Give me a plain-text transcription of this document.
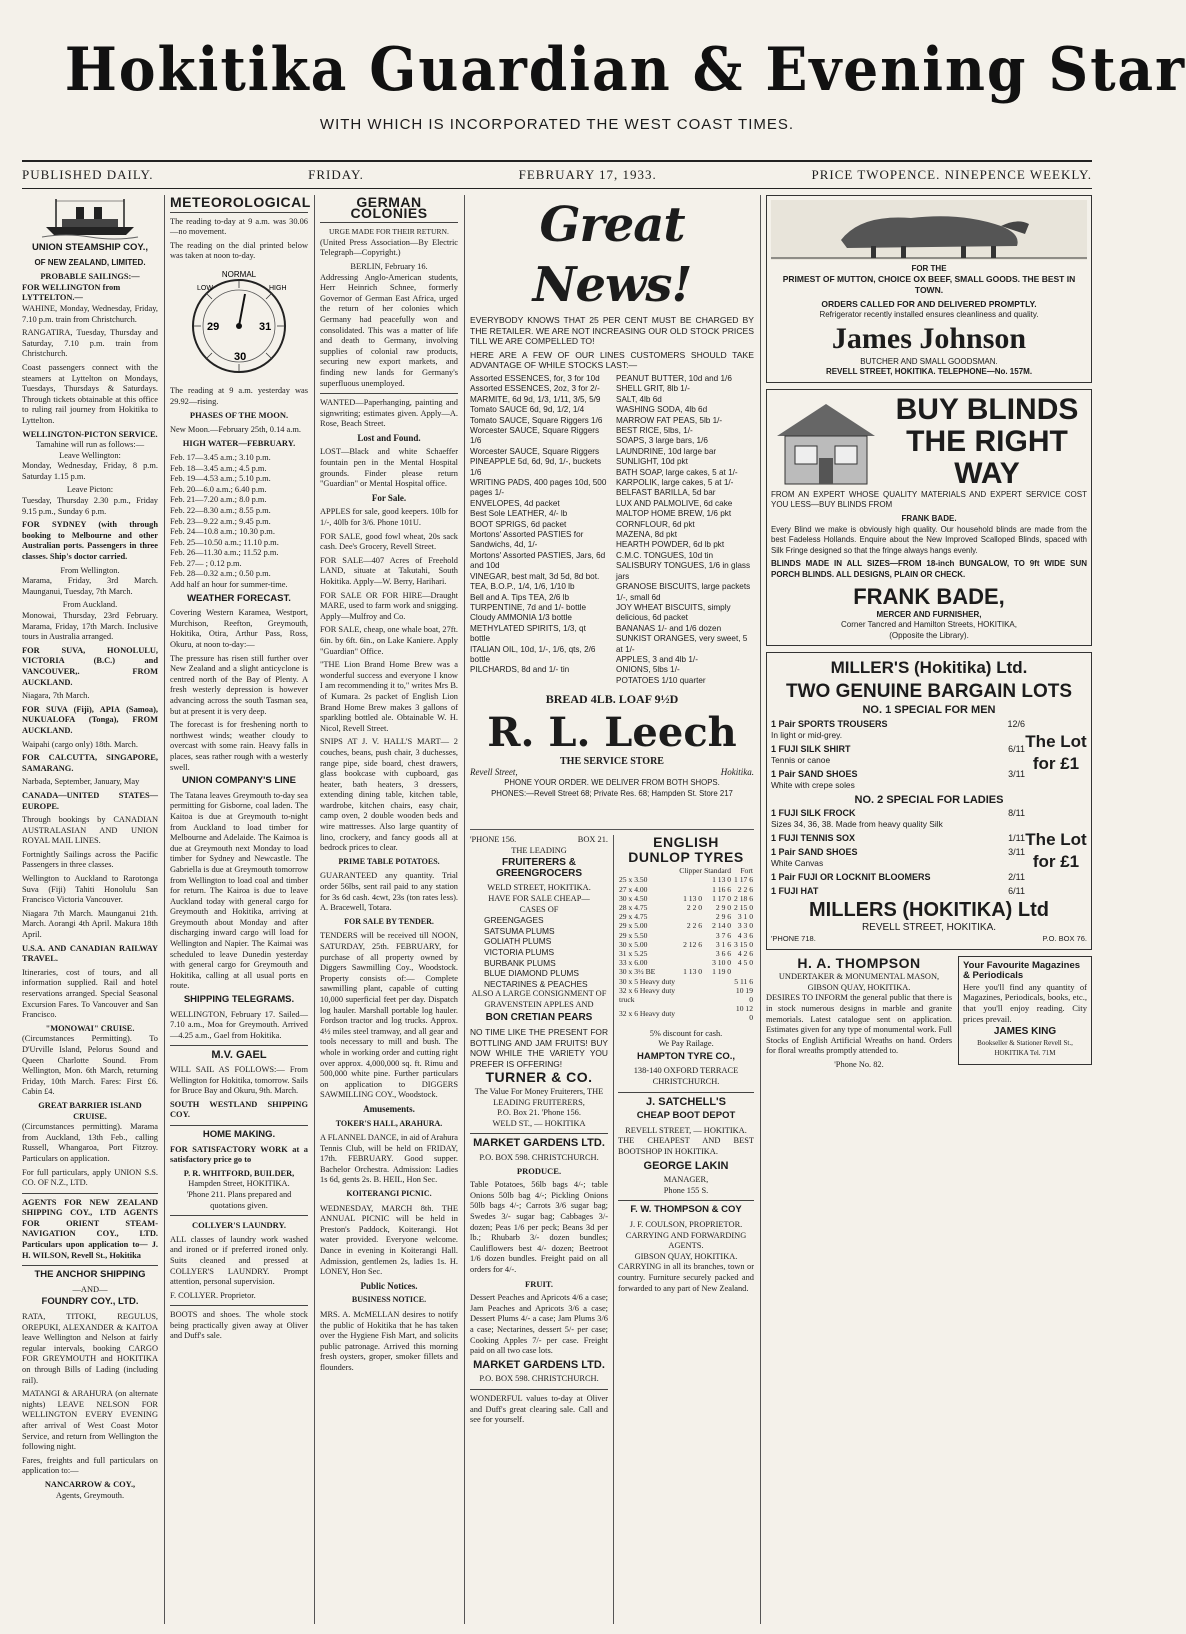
Hokitika Guardian & Evening Star
WITH WHICH IS INCORPORATED THE WEST COAST TIMES.
PUBLISHED DAILY.	FRIDAY.	FEBRUARY 17, 1933.	PRICE TWOPENCE. NINEPENCE WEEKLY.
UNION STEAMSHIP COY.,
OF NEW ZEALAND, LIMITED.
PROBABLE SAILINGS:—
FOR WELLINGTON from LYTTELTON.—

WAHINE, Monday, Wednesday, Friday, 7.10 p.m. train from Christchurch.

RANGATIRA, Tuesday, Thursday and Saturday, 7.10 p.m. train from Christchurch.

Coast passengers connect with the steamers at Lyttelton on Mondays, Tuesdays, Thursdays & Saturdays. Through tickets obtainable at this office to ruling rail journey from Hokitika to Lyttelton.

WELLINGTON-PICTON SERVICE.
Tamahine will run as follows:—
Leave Wellington:

Monday, Wednesday, Friday, 8 p.m. Saturday 1.15 p.m.

Leave Picton:

Tuesday, Thursday 2.30 p.m., Friday 9.15 p.m., Sunday 6 p.m.

FOR SYDNEY (with through booking to Melbourne and other Australian ports. Passengers in three classes. Ship's doctor carried.

From Wellington.

Marama, Friday, 3rd March. Maunganui, Tuesday, 7th March.

From Auckland.

Monowai, Thursday, 23rd February. Marama, Friday, 17th March. Inclusive tours in Australia arranged.

FOR SUVA, HONOLULU, VICTORIA (B.C.) and VANCOUVER,. FROM AUCKLAND.

Niagara, 7th March.

FOR SUVA (Fiji), APIA (Samoa), NUKUALOFA (Tonga), FROM AUCKLAND.

Waipahi (cargo only) 18th. March.

FOR CALCUTTA, SINGAPORE, SAMARANG.

Narbada, September, January, May

CANADA—UNITED STATES— EUROPE.

Through bookings by CANADIAN AUSTRALASIAN AND UNION ROYAL MAIL LINES.

Fortnightly Sailings across the Pacific Passengers in three classes.

Wellington to Auckland to Rarotonga Suva (Fiji) Tahiti Honolulu San Francisco Victoria Vancouver.

Niagara 7th March. Maunganui 21th. March. Aorangi 4th April. Makura 18th April.

U.S.A. AND CANADIAN RAILWAY TRAVEL.

Itineraries, cost of tours, and all information supplied. Rail and hotel reservations arranged. Special Seasonal Excursion Fares. To Vancouver and San Francisco.

"MONOWAI" CRUISE.

(Circumstances Permitting). To D'Urville Island, Pelorus Sound and Queen Charlotte Sound. From Wellington, Mon. 6th March, returning Friday, 10th March. Fares: First £6. Cabin £4.

GREAT BARRIER ISLAND CRUISE.

(Circumstances permitting). Marama from Auckland, 13th Feb., calling Russell, Whangaroa, Port Fitzroy. Particulars on application.

For full particulars, apply UNION S.S. CO. OF N.Z., LTD.

AGENTS FOR NEW ZEALAND SHIPPING COY., LTD AGENTS FOR ORIENT STEAM-NAVIGATION COY., LTD. Particulars upon application to— J. H. WILSON, Revell St., Hokitika

THE ANCHOR SHIPPING
—AND—
FOUNDRY COY., LTD.

RATA, TITOKI, REGULUS, OREPUKI, ALEXANDER & KAITOA leave Wellington and Nelson at fairly regular intervals, booking CARGO FOR GREYMOUTH and HOKITIKA on through Bills of Lading (including rail).

MATANGI & ARAHURA (on alternate nights) LEAVE NELSON FOR WELLINGTON EVERY EVENING after arrival of West Coast Motor Service, and return from Wellington the following night.

Fares, freights and full particulars on application to:—

NANCARROW & COY.,
Agents, Greymouth.
METEOROLOGICAL

The reading to-day at 9 a.m. was 30.06—no movement.

The reading on the dial printed below was taken at noon to-day.

NORMAL
LOW	HIGH
29	31
30

The reading at 9 a.m. yesterday was 29.92—rising.

PHASES OF THE MOON.

New Moon.—February 25th, 0.14 a.m.

HIGH WATER—FEBRUARY.
Feb. 17—3.45 a.m.; 3.10 p.m.
Feb. 18—3.45 a.m.; 4.5 p.m.
Feb. 19—4.53 a.m.; 5.10 p.m.
Feb. 20—6.0 a.m.; 6.40 p.m.
Feb. 21—7.20 a.m.; 8.0 p.m.
Feb. 22—8.30 a.m.; 8.55 p.m.
Feb. 23—9.22 a.m.; 9.45 p.m.
Feb. 24—10.8 a.m.; 10.30 p.m.
Feb. 25—10.50 a.m.; 11.10 p.m.
Feb. 26—11.30 a.m.; 11.52 p.m.
Feb. 27— ; 0.12 p.m.
Feb. 28—0.32 a.m.; 0.50 p.m.

Add half an hour for summer-time.

WEATHER FORECAST.

Covering Western Karamea, Westport, Murchison, Reefton, Greymouth, Hokitika, Otira, Arthur Pass, Ross, Okuru, at noon to-day:—

The pressure has risen still further over New Zealand and a slight anticyclone is centred north of the Bay of Plenty. A fresh westerly depression is however advancing across the south Tasman sea, but at present it is very deep.

The forecast is for freshening north to northwest winds; weather cloudy to overcast with some rain. Heavy falls in places, seas rather rough with a westerly swell.

UNION COMPANY'S LINE

The Tatana leaves Greymouth to-day sea permitting for Gisborne, coal laden. The Kaitoa is due at Greymouth to-night from Auckland to load timber for Melbourne and Adelaide. The Kaimoa is due at Greymouth next Monday to load timber for Sydney and Newcastle. The Gabriella is due at Greymouth tomorrow from Wellington to load coal and timber for return. The Kairoa is due to leave Auckland today with general cargo for Greymouth and Hokitika, arriving at Greymouth about Monday and after discharging inward cargo will load for Wellington and Napier. The Kaimai was scheduled to leave Dunedin yesterday with general cargo for Greymouth and Hokitika, calling at all usual ports en route.

SHIPPING TELEGRAMS.

WELLINGTON, February 17. Sailed—7.10 a.m., Moa for Greymouth. Arrived—4.25 a.m., Gael from Hokitika.

M.V. GAEL

WILL SAIL AS FOLLOWS:— From Wellington for Hokitika, tomorrow. Sails for Bruce Bay and Okuru, 9th. March.

SOUTH WESTLAND SHIPPING COY.

HOME MAKING.

FOR SATISFACTORY WORK at a satisfactory price go to

P. R. WHITFORD, BUILDER,
Hampden Street, HOKITIKA.
'Phone 211. Plans prepared and quotations given.
COLLYER'S LAUNDRY.

ALL classes of laundry work washed and ironed or if preferred ironed only. Suits cleaned and pressed at COLLYER'S LAUNDRY. Prompt attention, personal supervision.

F. COLLYER. Proprietor.

BOOTS and shoes. The whole stock being practically given away at Oliver and Duff's sale.

GERMAN COLONIES
URGE MADE FOR THEIR RETURN.

(United Press Association—By Electric Telegraph—Copyright.)

BERLIN, February 16.

Addressing Anglo-American students, Herr Heinrich Schnee, formerly Governor of German East Africa, urged the return of her colonies which Germany had peacefully won and consolidated. This was a matter of life and death to Germany, involving supplies of colonial raw products, securing new export markets, and finding new lands for Germany's superfluous unemployed.

WANTED—Paperhanging, painting and signwriting; estimates given. Apply—A. Rose, Beach Street.

Lost and Found.

LOST—Black and white Schaeffer fountain pen in the Mental Hospital grounds. Finder please return "Guardian" or Mental Hospital office.

For Sale.

APPLES for sale, good keepers. 10lb for 1/-, 40lb for 3/6. Phone 101U.

FOR SALE, good fowl wheat, 20s sack cash. Dee's Grocery, Revell Street.

FOR SALE—407 Acres of Freehold LAND, situate at Takutahi, South Hokitika. Apply—W. Berry, Harihari.

FOR SALE OR FOR HIRE—Draught MARE, used to farm work and snigging. Apply—Mulfroy and Co.

FOR SALE, cheap, one whale boat, 27ft. 6in. by 6ft. 6in., on Lake Kaniere. Apply "Guardian" Office.

"THE Lion Brand Home Brew was a wonderful success and everyone I know I am recommending it to," writes Mrs B. of Kumara. 2s packet of English Lion Brand Home Brew makes 3 gallons of sparkling bottled ale. Obtainable W. H. Nicol, Revell Street.

SNIPS AT J. V. HALL'S MART— 2 couches, beans, push chair, 3 duchesses, range pipe, side board, chest drawers, glass bookcase with cupboard, gas heater, bath heaters, 3 dressers, extending dining table, kitchen table, wardrobe, kitchen chairs, easy chair, camp oven, 2 double wooden beds and wire mattresses. Also large quantity of lino, crockery, and fancy goods all at bedrock prices to clear.

PRIME TABLE POTATOES.

GUARANTEED any quantity. Trial order 56lbs, sent rail paid to any station for 3s 6d cash. 4cwt, 23s (ton rates less). A. Bracewell, Totara.

FOR SALE BY TENDER.

TENDERS will be received till NOON, SATURDAY, 25th. FEBRUARY, for purchase of all property owned by Diggers Sawmilling Coy., Woodstock. Property consists of:— Complete sawmilling plant, capable of cutting 10,000 superficial feet per day. Dispatch log hauler. Marshall portable log hauler. Fordson tractor and log trucks. Approx. 4½ miles steel tramway, and all gear and tools necessary to mill and bush. The whole in working order and cutting right over approx. 4,000,000 sq. ft. Rimu and 500,000 white pine. Further particulars on application to DIGGERS SAWMILLING COY., Woodstock.

Amusements.
TOKER'S HALL, ARAHURA.

A FLANNEL DANCE, in aid of Arahura Tennis Club, will be held on FRIDAY, 17th. FEBRUARY. Good supper. Bachelor Orchestra. Admission: Ladies 1s 6d, gents 2s. B. HEIL, Hon Sec.

KOITERANGI PICNIC.

WEDNESDAY, MARCH 8th. THE ANNUAL PICNIC will be held in Preston's Paddock, Koiterangi. Hot water provided. Everyone welcome. Dance in evening in Koiterangi Hall. Admission, gentlemen 2s, ladies 1s. H. LONEY, Hon Sec.

Public Notices.
BUSINESS NOTICE.

MRS. A. McMELLAN desires to notify the public of Hokitika that he has taken over the Hygiene Fish Mart, and solicits public patronage. Arrived this morning fresh oysters, groper, smoker fillets and flounders.

Great News!

EVERYBODY KNOWS THAT 25 PER CENT MUST BE CHARGED BY THE RETAILER. WE ARE NOT INCREASING OUR OLD STOCK PRICES TILL WE ARE COMPELLED TO!

HERE ARE A FEW OF OUR LINES CUSTOMERS SHOULD TAKE ADVANTAGE OF WHILE STOCKS LAST:—

Assorted ESSENCES, for, 3 for 10d
Assorted ESSENCES, 2oz, 3 for 2/-
MARMITE, 6d 9d, 1/3, 1/11, 3/5, 5/9
Tomato SAUCE 6d, 9d, 1/2, 1/4
Tomato SAUCE, Square Riggers 1/6
Worcester SAUCE, Square Riggers 1/6
Worcester SAUCE, Square Riggers
PINEAPPLE 5d, 6d, 9d, 1/-, buckets 1/6
WRITING PADS, 400 pages 10d, 500 pages 1/-
ENVELOPES, 4d packet
Best Sole LEATHER, 4/- lb
BOOT SPRIGS, 6d packet
Mortons' Assorted PASTIES for Sandwichs, 4d, 1/-
Mortons' Assorted PASTIES, Jars, 6d and 10d
VINEGAR, best malt, 3d 5d, 8d bot.
TEA, B.O.P., 1/4, 1/6, 1/10 lb
Bell and A. Tips TEA, 2/6 lb
TURPENTINE, 7d and 1/- bottle
Cloudy AMMONIA 1/3 bottle
METHYLATED SPIRITS, 1/3, qt bottle
ITALIAN OIL, 10d, 1/-, 1/6, qts, 2/6 bottle
PILCHARDS, 8d and 1/- tin
PEANUT BUTTER, 10d and 1/6
SHELL GRIT, 8lb 1/-
SALT, 4lb 6d
WASHING SODA, 4lb 6d
MARROW FAT PEAS, 5lb 1/-
BEST RICE, 5lbs, 1/-
SOAPS, 3 large bars, 1/6
LAUNDRINE, 10d large bar
SUNLIGHT, 10d pkt
BATH SOAP, large cakes, 5 at 1/-
KARPOLIK, large cakes, 5 at 1/-
BELFAST BARILLA, 5d bar
LUX AND PALMOLIVE, 6d cake
MALTOP HOME BREW, 1/6 pkt
CORNFLOUR, 6d pkt
MAZENA, 8d pkt
HEARTH POWDER, 6d lb pkt
C.M.C. TONGUES, 10d tin
SALISBURY TONGUES, 1/6 in glass jars
GRANOSE BISCUITS, large packets 1/-, small 6d
JOY WHEAT BISCUITS, simply delicious, 6d packet
BANANAS 1/- and 1/6 dozen
SUNKIST ORANGES, very sweet, 5 at 1/-
APPLES, 3 and 4lb 1/-
ONIONS, 5lbs 1/-
POTATOES 1/10 quarter
BREAD 4LB. LOAF 9½D
R. L. Leech
THE SERVICE STORE
Revell Street,	Hokitika.
PHONE YOUR ORDER. WE DELIVER FROM BOTH SHOPS.
PHONES:—Revell Street 68; Private Res. 68; Hampden St. Store 217
'PHONE 156.	BOX 21.
THE LEADING
FRUITERERS & GREENGROCERS
WELD STREET, HOKITIKA.
HAVE FOR SALE CHEAP—
CASES OF
GREENGAGES
SATSUMA PLUMS
GOLIATH PLUMS
VICTORIA PLUMS
BURBANK PLUMS
BLUE DIAMOND PLUMS
NECTARINES & PEACHES
ALSO A LARGE CONSIGNMENT OF GRAVENSTEIN APPLES AND
BON CRETIAN PEARS

NO TIME LIKE THE PRESENT FOR BOTTLING AND JAM FRUITS! BUY NOW WHILE THE VARIETY YOU PREFER IS OFFERING!

TURNER & CO.
The Value For Money Fruiterers, THE LEADING FRUITERERS,
P.O. Box 21. 'Phone 156.
WELD ST., — HOKITIKA
MARKET GARDENS LTD.
P.O. BOX 598. CHRISTCHURCH.
PRODUCE.

Table Potatoes, 56lb bags 4/-; table Onions 50lb bag 4/-; Pickling Onions 50lb bags 4/-; Carrots 3/6 sugar bag; Swedes 3/- sugar bag; Cabbages 3/- dozen; Peas 1/6 per peck; Beans 3d per lb.; Rhubarb 3/- dozen bundles; Cauliflowers best 4/- dozen; Beetroot 1/6 dozen bundles. Freight paid on all orders for 4/-.

FRUIT.

Dessert Peaches and Apricots 4/6 a case; Jam Peaches and Apricots 3/6 a case; Dessert Plums 4/- a case; Jam Plums 3/6 a case; Nectarines, dessert 5/- per case; Cooking Apples 7/- per case. Freight paid on all two case lots.

MARKET GARDENS LTD.
P.O. BOX 598. CHRISTCHURCH.

WONDERFUL values to-day at Oliver and Duff's great clearing sale. Call and see for yourself.

ENGLISH
DUNLOP TYRES
	Clipper	Standard	Fort
25 x 3.50		1 13 0	1 17 6
27 x 4.00		1 16 6	2 2 6
30 x 4.50	1 13 0	1 17 0	2 18 6
28 x 4.75	2 2 0	2 9 0	2 15 0
29 x 4.75		2 9 6	3 1 0
29 x 5.00	2 2 6	2 14 0	3 3 0
29 x 5.50		3 7 6	4 3 6
30 x 5.00	2 12 6	3 1 6	3 15 0
31 x 5.25		3 6 6	4 2 6
33 x 6.00		3 10 0	4 5 0
30 x 3½ BE	1 13 0	1 19 0	
30 x 5 Heavy duty			5 11 6
32 x 6 Heavy duty truck			10 19 0
32 x 6 Heavy duty			10 12 0
5% discount for cash.
We Pay Railage.
HAMPTON TYRE CO.,
138-140 OXFORD TERRACE CHRISTCHURCH.
J. SATCHELL'S
CHEAP BOOT DEPOT
REVELL STREET, — HOKITIKA.

THE CHEAPEST AND BEST BOOTSHOP IN HOKITIKA.

GEORGE LAKIN
MANAGER,
Phone 155 S.
F. W. THOMPSON & COY
J. F. COULSON, PROPRIETOR.
CARRYING AND FORWARDING AGENTS.
GIBSON QUAY, HOKITIKA.

CARRYING in all its branches, town or country. Furniture securely packed and forwarded to any part of New Zealand.

FOR THE
PRIMEST OF MUTTON, CHOICE OX BEEF, SMALL GOODS. THE BEST IN TOWN.
ORDERS CALLED FOR AND DELIVERED PROMPTLY.
Refrigerator recently installed ensures cleanliness and quality.
James Johnson
BUTCHER AND SMALL GOODSMAN.
REVELL STREET, HOKITIKA. TELEPHONE—No. 157M.
BUY BLINDS
THE RIGHT
WAY

FROM AN EXPERT WHOSE QUALITY MATERIALS AND EXPERT SERVICE COST YOU LESS—BUY BLINDS FROM

FRANK BADE.

Every Blind we make is obviously high quality. Our household blinds are made from the best Fadeless Hollands. Enquire about the New Improved Scalloped Blinds, spaced with Silk Fringe designed so that the fringe always hangs evenly.

BLINDS MADE IN ALL SIZES—FROM 18-inch BUNGALOW, TO 9ft WIDE SUN PORCH BLINDS. ALL DESIGNS, PLAIN OR CHECK.

FRANK BADE,
MERCER AND FURNISHER,
Corner Tancred and Hamilton Streets, HOKITIKA,
(Opposite the Library).
MILLER'S (Hokitika) Ltd.
TWO GENUINE BARGAIN LOTS
NO. 1 SPECIAL FOR MEN
1 Pair SPORTS TROUSERS
In light or mid-grey.
12/6
1 FUJI SILK SHIRT
Tennis or canoe
6/11
1 Pair SAND SHOES
White with crepe soles
3/11
The Lot for £1
NO. 2 SPECIAL FOR LADIES
1 FUJI SILK FROCK
Sizes 34, 36, 38. Made from heavy quality Silk
8/11
1 FUJI TENNIS SOX	1/11
1 Pair SAND SHOES
White Canvas
3/11
1 Pair FUJI OR LOCKNIT BLOOMERS	2/11
1 FUJI HAT	6/11
The Lot for £1
MILLERS (HOKITIKA) Ltd
REVELL STREET, HOKITIKA.
'PHONE 718.	P.O. BOX 76.
H. A. THOMPSON
UNDERTAKER & MONUMENTAL MASON,
GIBSON QUAY, HOKITIKA.

DESIRES TO INFORM the general public that there is in stock numerous designs in marble and granite memorials. Latest catalogue sent on application. Estimates given for any type of monumental work. Full Stocks of English Artificial Wreaths on hand. Orders for floral wreaths promptly attended to.

'Phone No. 82.
Your Favourite Magazines & Periodicals

Here you'll find any quantity of Magazines, Periodicals, books, etc., that you'll enjoy reading. City prices prevail.

JAMES KING
Bookseller & Stationer Revell St., HOKITIKA Tel. 71M
